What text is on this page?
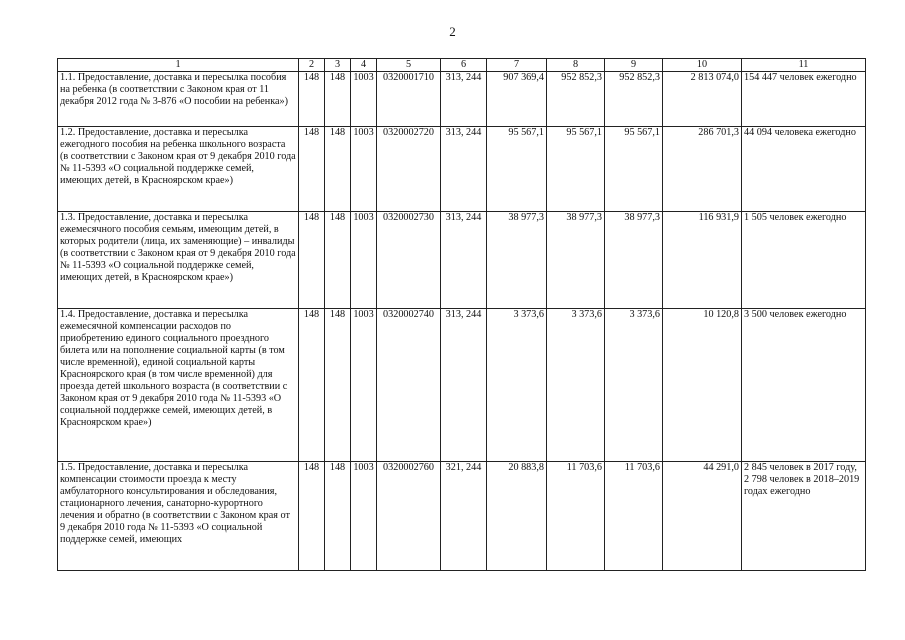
2
1	2	3	4	5	6	7	8	9	10	11
1.1. Предоставление, доставка и пересылка пособия на ребенка (в соответствии с Законом края от 11 декабря 2012 года № 3-876 «О пособии на ребенка»)	148	148	1003	0320001710	313, 244	907 369,4	952 852,3	952 852,3	2 813 074,0	154 447 человек ежегодно
1.2. Предоставление, доставка и пересылка ежегодного пособия на ребенка школьного возраста (в соответствии с Законом края от 9 декабря 2010 года № 11-5393 «О социальной поддержке семей, имеющих детей, в Красноярском крае»)	148	148	1003	0320002720	313, 244	95 567,1	95 567,1	95 567,1	286 701,3	44 094 человека ежегодно
1.3. Предоставление, доставка и пересылка ежемесячного пособия семьям, имеющим детей, в которых родители (лица, их заменяющие) – инвалиды (в соответствии с Законом края от 9 декабря 2010 года № 11-5393 «О социальной поддержке семей, имеющих детей, в Красноярском крае»)	148	148	1003	0320002730	313, 244	38 977,3	38 977,3	38 977,3	116 931,9	1 505 человек ежегодно
1.4. Предоставление, доставка и пересылка ежемесячной компенсации расходов по приобретению единого социального проездного билета или на пополнение социальной карты (в том числе временной), единой социальной карты Красноярского края (в том числе временной) для проезда детей школьного возраста (в соответствии с Законом края от 9 декабря 2010 года № 11-5393 «О социальной поддержке семей, имеющих детей, в Красноярском крае»)	148	148	1003	0320002740	313, 244	3 373,6	3 373,6	3 373,6	10 120,8	3 500 человек ежегодно
1.5. Предоставление, доставка и пересылка компенсации стоимости проезда к месту амбулаторного консультирования и обследования, стационарного лечения, санаторно-курортного лечения и обратно (в соответствии с Законом края от 9 декабря 2010 года № 11-5393 «О социальной поддержке семей, имеющих	148	148	1003	0320002760	321, 244	20 883,8	11 703,6	11 703,6	44 291,0	2 845 человек в 2017 году, 2 798 человек в 2018–2019 годах ежегодно
